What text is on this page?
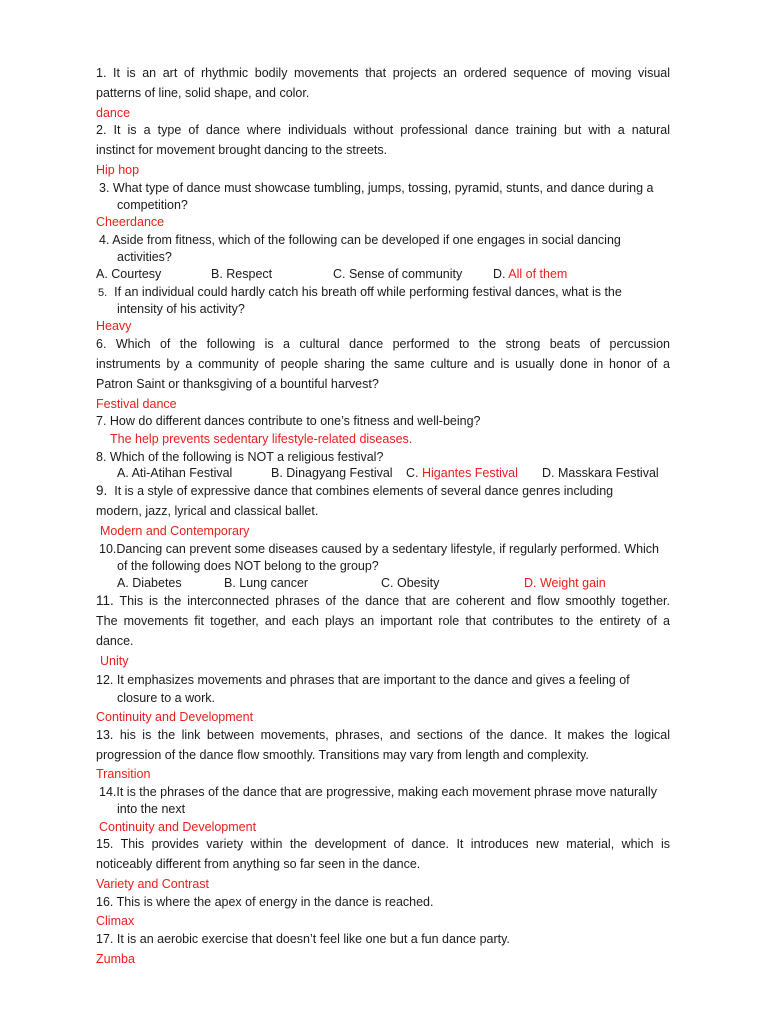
1. It is an art of rhythmic bodily movements that projects an ordered sequence of moving visual
patterns of line, solid shape, and color.
dance
2. It is a type of dance where individuals without professional dance training but with a natural
instinct for movement brought dancing to the streets.
Hip hop
3. What type of dance must showcase tumbling, jumps, tossing, pyramid, stunts, and dance during a
competition?
Cheerdance
4. Aside from fitness, which of the following can be developed if one engages in social dancing
activities?
A. Courtesy	B. Respect	C. Sense of community D. All of them
5. If an individual could hardly catch his breath off while performing festival dances, what is the
intensity of his activity?
Heavy
6. Which of the following is a cultural dance performed to the strong beats of percussion
instruments by a community of people sharing the same culture and is usually done in honor of a
Patron Saint or thanksgiving of a bountiful harvest?
Festival dance
7. How do different dances contribute to one’s fitness and well-being?
The help prevents sedentary lifestyle-related diseases.
8. Which of the following is NOT a religious festival?
A. Ati-Atihan Festival	B. Dinagyang Festival C. Higantes Festival D. Masskara Festival
9. It is a style of expressive dance that combines elements of several dance genres including
modern, jazz, lyrical and classical ballet.
Modern and Contemporary
10.Dancing can prevent some diseases caused by a sedentary lifestyle, if regularly performed. Which
of the following does NOT belong to the group?
A. Diabetes	B. Lung cancer	C. Obesity	D. Weight gain
11. This is the interconnected phrases of the dance that are coherent and flow smoothly together.
The movements fit together, and each plays an important role that contributes to the entirety of a
dance.
Unity
12. It emphasizes movements and phrases that are important to the dance and gives a feeling of
closure to a work.
Continuity and Development
13. his is the link between movements, phrases, and sections of the dance. It makes the logical
progression of the dance flow smoothly. Transitions may vary from length and complexity.
Transition
14.It is the phrases of the dance that are progressive, making each movement phrase move naturally
into the next
Continuity and Development
15. This provides variety within the development of dance. It introduces new material, which is
noticeably different from anything so far seen in the dance.
Variety and Contrast
16. This is where the apex of energy in the dance is reached.
Climax
17. It is an aerobic exercise that doesn’t feel like one but a fun dance party.
Zumba
